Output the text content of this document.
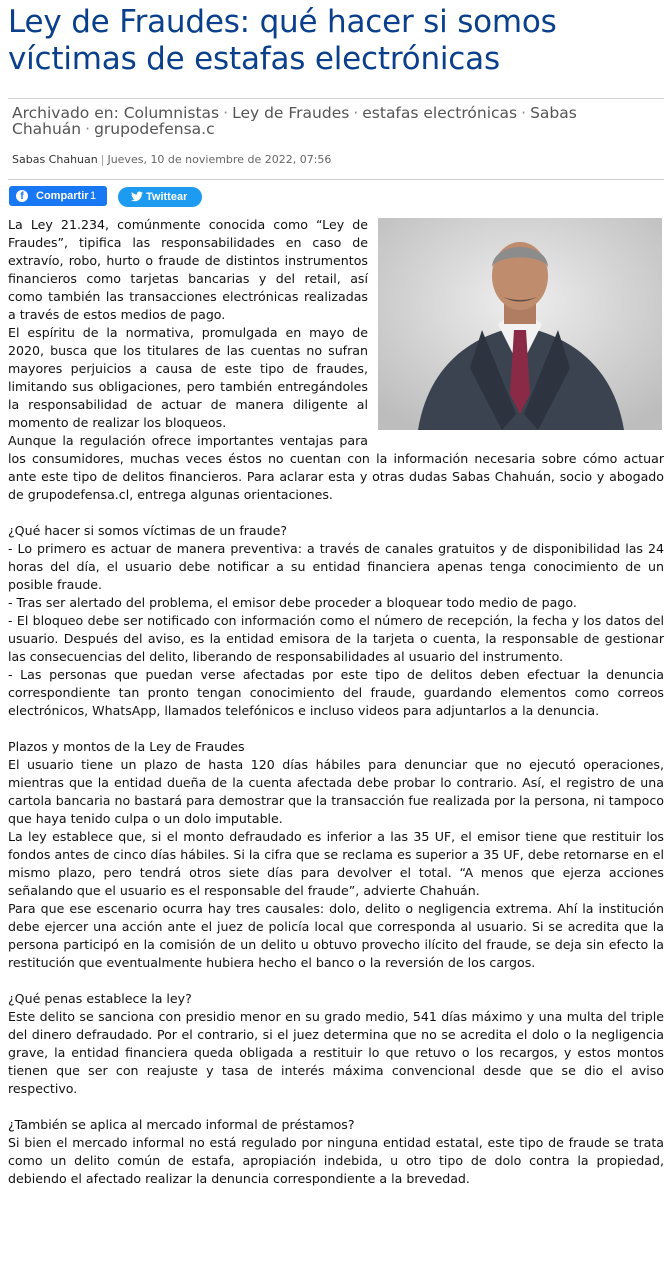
Ley de Fraudes: qué hacer si somos víctimas de estafas electrónicas
Archivado en: Columnistas · Ley de Fraudes · estafas electrónicas · Sabas Chahuán · grupodefensa.c
Sabas Chahuan | Jueves, 10 de noviembre de 2022, 07:56
f	Compartir 1	Twittear

La Ley 21.234, comúnmente conocida como “Ley de Fraudes”, tipifica las responsabilidades en caso de extravío, robo, hurto o fraude de distintos instrumentos financieros como tarjetas bancarias y del retail, así como también las transacciones electrónicas realizadas a través de estos medios de pago.

El espíritu de la normativa, promulgada en mayo de 2020, busca que los titulares de las cuentas no sufran mayores perjuicios a causa de este tipo de fraudes, limitando sus obligaciones, pero también entregándoles la responsabilidad de actuar de manera diligente al momento de realizar los bloqueos.

Aunque la regulación ofrece importantes ventajas para los consumidores, muchas veces éstos no cuentan con la información necesaria sobre cómo actuar ante este tipo de delitos financieros. Para aclarar esta y otras dudas Sabas Chahuán, socio y abogado de grupodefensa.cl, entrega algunas orientaciones.

¿Qué hacer si somos víctimas de un fraude?

- Lo primero es actuar de manera preventiva: a través de canales gratuitos y de disponibilidad las 24 horas del día, el usuario debe notificar a su entidad financiera apenas tenga conocimiento de un posible fraude.

- Tras ser alertado del problema, el emisor debe proceder a bloquear todo medio de pago.

- El bloqueo debe ser notificado con información como el número de recepción, la fecha y los datos del usuario. Después del aviso, es la entidad emisora de la tarjeta o cuenta, la responsable de gestionar las consecuencias del delito, liberando de responsabilidades al usuario del instrumento.

- Las personas que puedan verse afectadas por este tipo de delitos deben efectuar la denuncia correspondiente tan pronto tengan conocimiento del fraude, guardando elementos como correos electrónicos, WhatsApp, llamados telefónicos e incluso videos para adjuntarlos a la denuncia.

Plazos y montos de la Ley de Fraudes

El usuario tiene un plazo de hasta 120 días hábiles para denunciar que no ejecutó operaciones, mientras que la entidad dueña de la cuenta afectada debe probar lo contrario. Así, el registro de una cartola bancaria no bastará para demostrar que la transacción fue realizada por la persona, ni tampoco que haya tenido culpa o un dolo imputable.

La ley establece que, si el monto defraudado es inferior a las 35 UF, el emisor tiene que restituir los fondos antes de cinco días hábiles. Si la cifra que se reclama es superior a 35 UF, debe retornarse en el mismo plazo, pero tendrá otros siete días para devolver el total. “A menos que ejerza acciones señalando que el usuario es el responsable del fraude”, advierte Chahuán.

Para que ese escenario ocurra hay tres causales: dolo, delito o negligencia extrema. Ahí la institución debe ejercer una acción ante el juez de policía local que corresponda al usuario. Si se acredita que la persona participó en la comisión de un delito u obtuvo provecho ilícito del fraude, se deja sin efecto la restitución que eventualmente hubiera hecho el banco o la reversión de los cargos.

¿Qué penas establece la ley?

Este delito se sanciona con presidio menor en su grado medio, 541 días máximo y una multa del triple del dinero defraudado. Por el contrario, si el juez determina que no se acredita el dolo o la negligencia grave, la entidad financiera queda obligada a restituir lo que retuvo o los recargos, y estos montos tienen que ser con reajuste y tasa de interés máxima convencional desde que se dio el aviso respectivo.

¿También se aplica al mercado informal de préstamos?

Si bien el mercado informal no está regulado por ninguna entidad estatal, este tipo de fraude se trata como un delito común de estafa, apropiación indebida, u otro tipo de dolo contra la propiedad, debiendo el afectado realizar la denuncia correspondiente a la brevedad.
